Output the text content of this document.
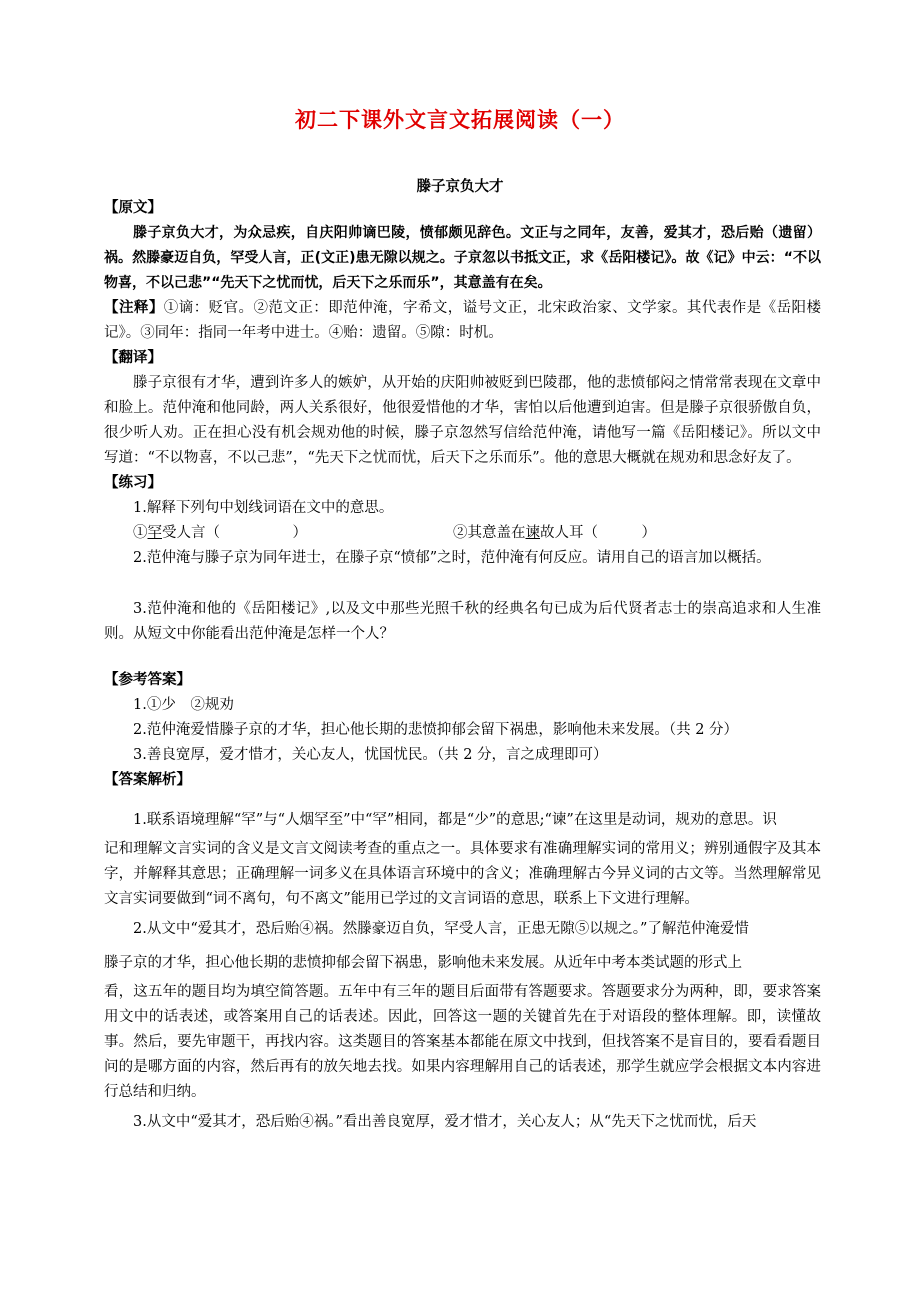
初二下课外文言文拓展阅读（一）
滕子京负大才

【原文】

滕子京负大才，为众忌疾，自庆阳帅谪巴陵，愤郁颇见辞色。文正与之同年，友善，爱其才，恐后贻（遗留）祸。然滕豪迈自负，罕受人言，正(文正)患无隙以规之。子京忽以书抵文正，求《岳阳楼记》。故《记》中云：“不以物喜，不以己悲”“先天下之忧而忧，后天下之乐而乐”，其意盖有在矣。

【注释】①谪：贬官。②范文正：即范仲淹，字希文，谥号文正，北宋政治家、文学家。其代表作是《岳阳楼记》。③同年：指同一年考中进士。④贻：遗留。⑤隙：时机。

【翻译】

滕子京很有才华，遭到许多人的嫉妒，从开始的庆阳帅被贬到巴陵郡，他的悲愤郁闷之情常常表现在文章中和脸上。范仲淹和他同龄，两人关系很好，他很爱惜他的才华，害怕以后他遭到迫害。但是滕子京很骄傲自负，很少听人劝。正在担心没有机会规劝他的时候，滕子京忽然写信给范仲淹，请他写一篇《岳阳楼记》。所以文中写道：“不以物喜，不以己悲”，“先天下之忧而忧，后天下之乐而乐”。他的意思大概就在规劝和思念好友了。

【练习】

1.解释下列句中划线词语在文中的意思。

①罕受人言（　　　　　）	②其意盖在谏故人耳（　　　）

2.范仲淹与滕子京为同年进士，在滕子京“愤郁”之时，范仲淹有何反应。请用自己的语言加以概括。

3.范仲淹和他的《岳阳楼记》,以及文中那些光照千秋的经典名句已成为后代贤者志士的崇高追求和人生准则。从短文中你能看出范仲淹是怎样一个人？

【参考答案】

1.①少　②规劝

2.范仲淹爱惜滕子京的才华，担心他长期的悲愤抑郁会留下祸患，影响他未来发展。（共 2 分）

3.善良宽厚，爱才惜才，关心友人，忧国忧民。（共 2 分，言之成理即可）

【答案解析】

1.联系语境理解“罕”与“人烟罕至”中“罕”相同，都是“少”的意思;“谏”在这里是动词，规劝的意思。识

记和理解文言实词的含义是文言文阅读考查的重点之一。具体要求有准确理解实词的常用义；辨别通假字及其本字，并解释其意思；正确理解一词多义在具体语言环境中的含义；准确理解古今异义词的古文等。当然理解常见文言实词要做到“词不离句，句不离文”能用已学过的文言词语的意思，联系上下文进行理解。

2.从文中“爱其才，恐后贻④祸。然滕豪迈自负，罕受人言，正患无隙⑤以规之。”了解范仲淹爱惜

滕子京的才华，担心他长期的悲愤抑郁会留下祸患，影响他未来发展。从近年中考本类试题的形式上

看，这五年的题目均为填空简答题。五年中有三年的题目后面带有答题要求。答题要求分为两种，即，要求答案用文中的话表述，或答案用自己的话表述。因此，回答这一题的关键首先在于对语段的整体理解。即，读懂故事。然后，要先审题干，再找内容。这类题目的答案基本都能在原文中找到，但找答案不是盲目的，要看看题目问的是哪方面的内容，然后再有的放矢地去找。如果内容理解用自己的话表述，那学生就应学会根据文本内容进行总结和归纳。

3.从文中“爱其才，恐后贻④祸。”看出善良宽厚，爱才惜才，关心友人；从“先天下之忧而忧，后天
